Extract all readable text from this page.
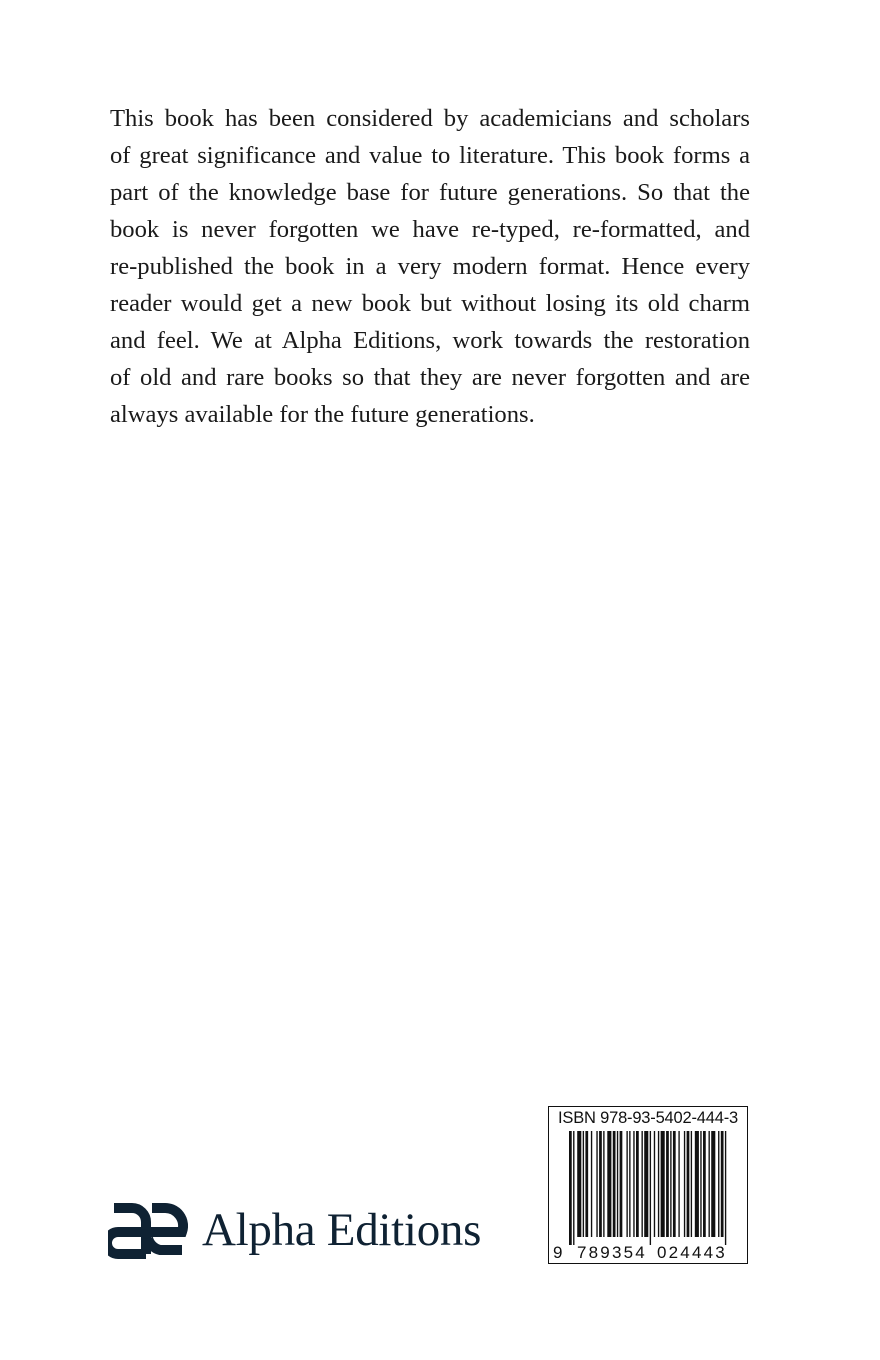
This book has been considered by academicians and scholars
of great significance and value to literature. This book forms a
part of the knowledge base for future generations. So that the
book is never forgotten we have re-typed, re-formatted, and
re-published the book in a very modern format. Hence every
reader would get a new book but without losing its old charm
and feel. We at Alpha Editions, work towards the restoration
of old and rare books so that they are never forgotten and are
always available for the future generations.
Alpha Editions
ISBN 978-93-5402-444-3
9 789354 024443
